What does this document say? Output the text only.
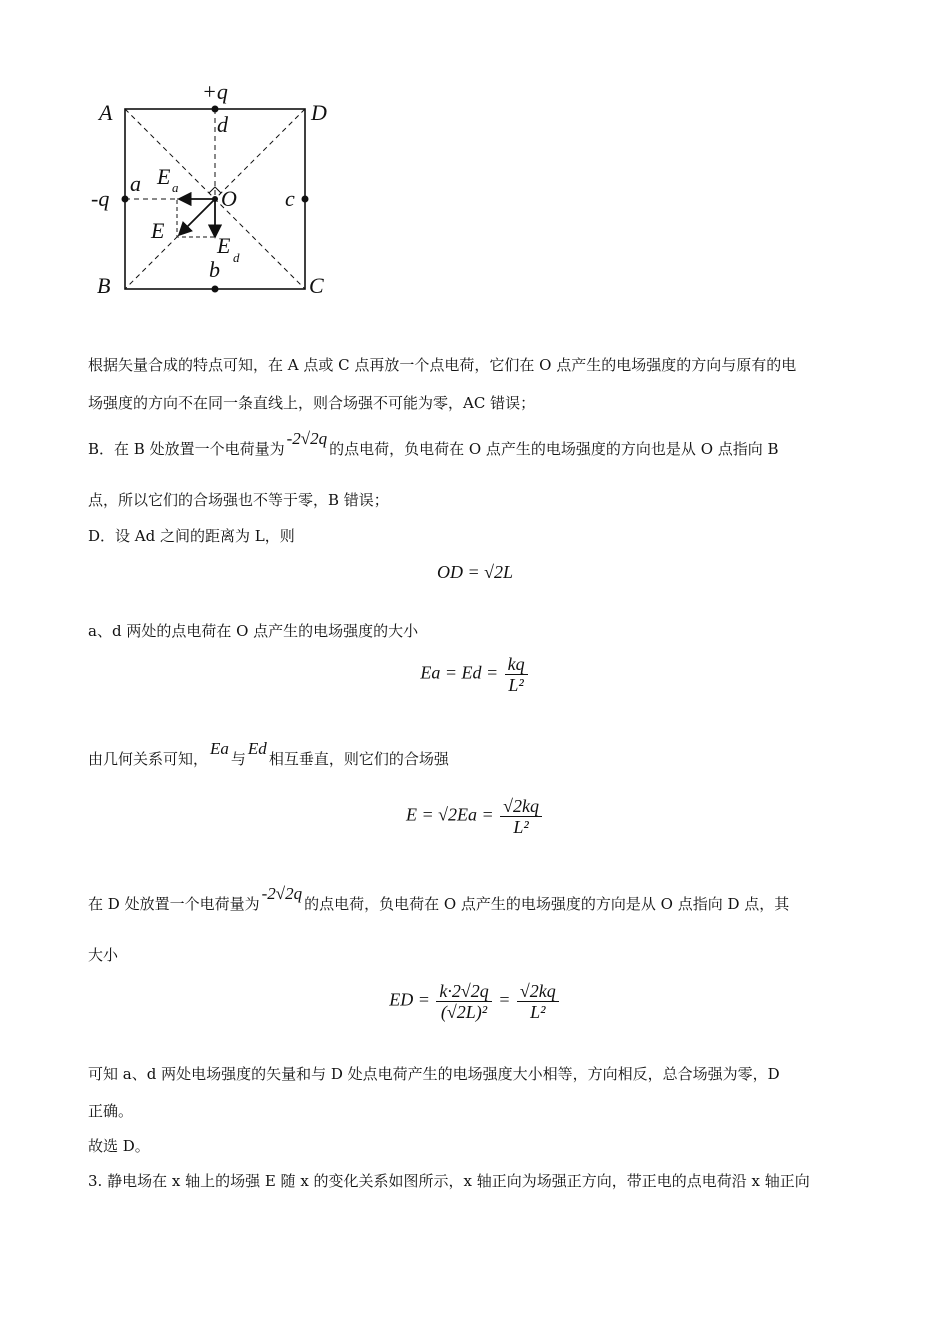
A	D
B	C
+q
-q
d
a
c
b
O
E a
E
E d
根据矢量合成的特点可知，在 A 点或 C 点再放一个点电荷，它们在 O 点产生的电场强度的方向与原有的电
场强度的方向不在同一条直线上，则合场强不可能为零，AC 错误；
B．在 B 处放置一个电荷量为-2√2q的点电荷，负电荷在 O 点产生的电场强度的方向也是从 O 点指向 B
点，所以它们的合场强也不等于零，B 错误；
D．设 Ad 之间的距离为 L，则
OD = √2L
a、d 两处的点电荷在 O 点产生的电场强度的大小
$Ea = Ed = \frac{kq}{\text{L²}}$
由几何关系可知，Ea与Ed相互垂直，则它们的合场强
$E = √2Ea = \frac{√2kq}{\text{L²}}$
在 D 处放置一个电荷量为-2√2q的点电荷，负电荷在 O 点产生的电场强度的方向是从 O 点指向 D 点，其
大小
ED = $\frac{k\cdot 2√2q}{\text{(√2L)²}} = \frac{√2kq}{\text{L²}}$
可知 a、d 两处电场强度的矢量和与 D 处点电荷产生的电场强度大小相等，方向相反，总合场强为零，D
正确。
故选 D。
3. 静电场在 x 轴上的场强 E 随 x 的变化关系如图所示，x 轴正向为场强正方向，带正电的点电荷沿 x 轴正向
